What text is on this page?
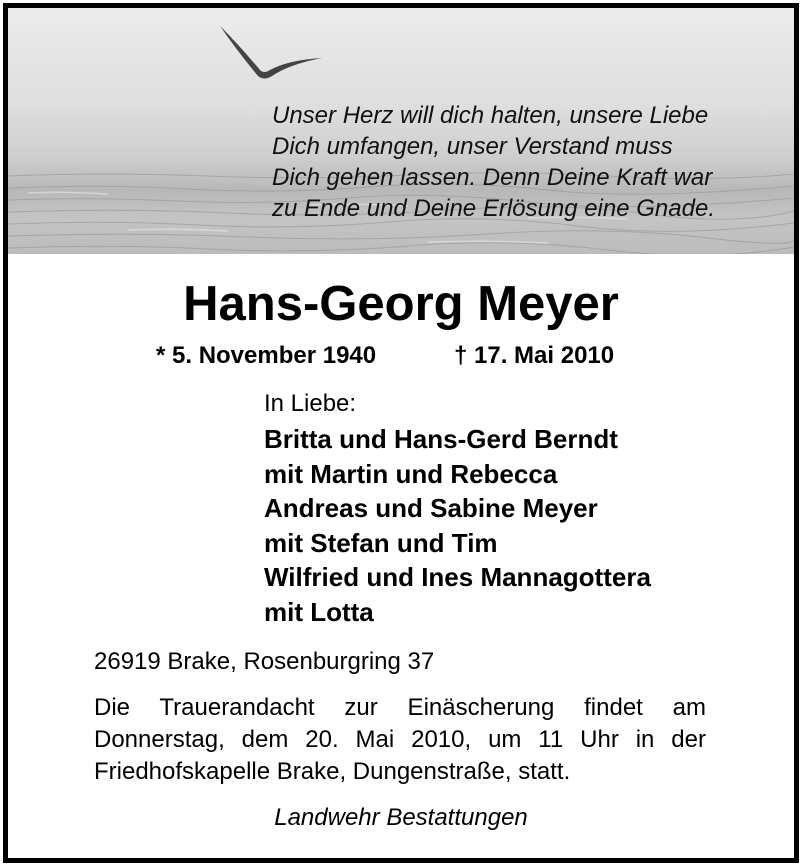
Unser Herz will dich halten, unsere Liebe
Dich umfangen, unser Verstand muss
Dich gehen lassen. Denn Deine Kraft war
zu Ende und Deine Erlösung eine Gnade.
Hans-Georg Meyer
* 5. November 1940	† 17. Mai 2010
In Liebe:
Britta und Hans-Gerd Berndt
mit Martin und Rebecca
Andreas und Sabine Meyer
mit Stefan und Tim
Wilfried und Ines Mannagottera
mit Lotta
26919 Brake, Rosenburgring 37
Die Trauerandacht zur Einäscherung findet am
Donnerstag, dem 20. Mai 2010, um 11 Uhr in der
Friedhofskapelle Brake, Dungenstraße, statt.
Landwehr Bestattungen
